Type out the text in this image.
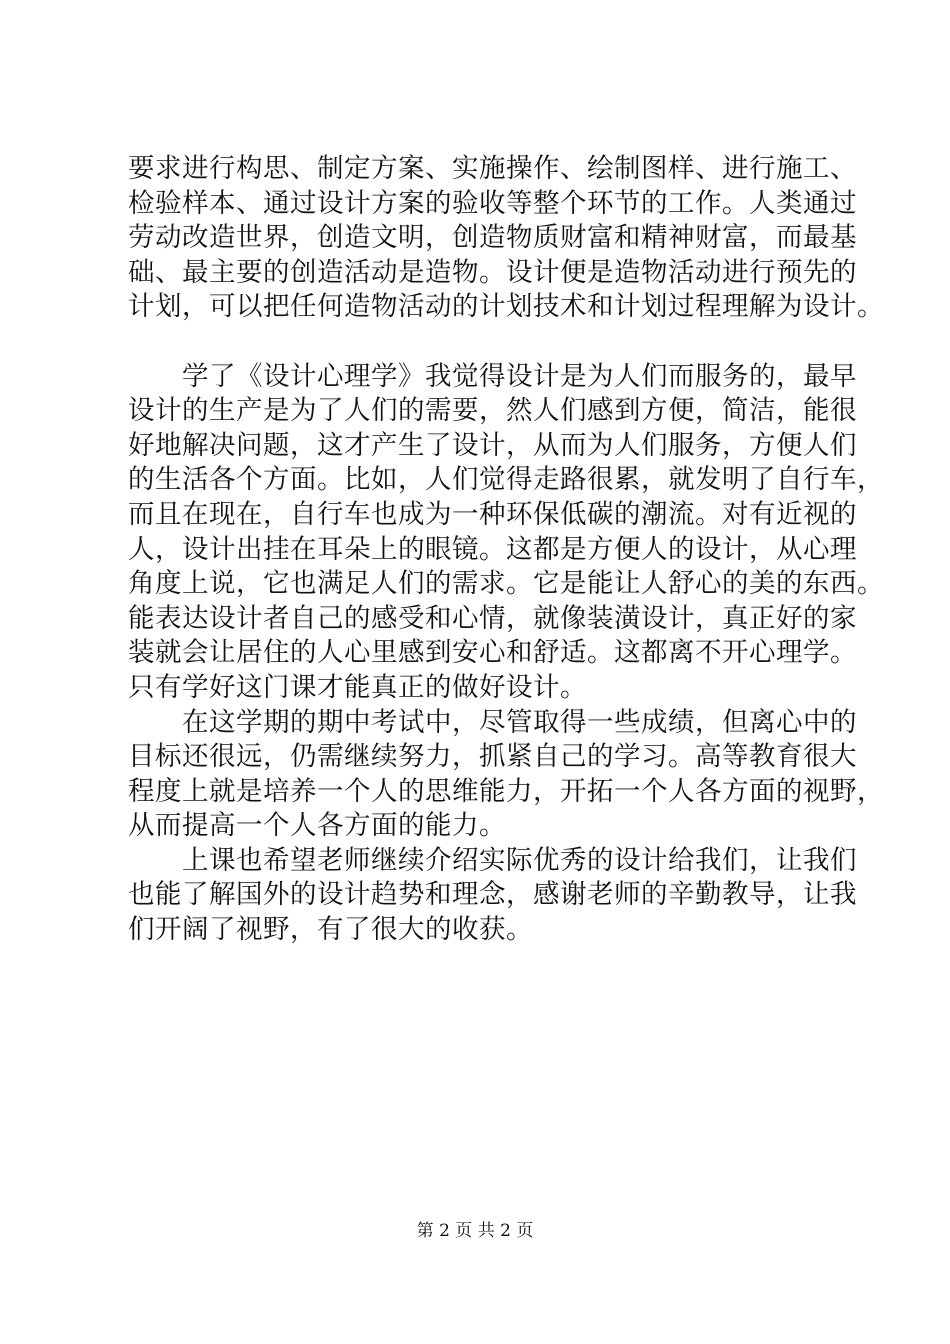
要求进行构思、制定方案、实施操作、绘制图样、进行施工、
检验样本、通过设计方案的验收等整个环节的工作。人类通过
劳动改造世界，创造文明，创造物质财富和精神财富，而最基
础、最主要的创造活动是造物。设计便是造物活动进行预先的
计划，可以把任何造物活动的计划技术和计划过程理解为设计。
　　学了《设计心理学》我觉得设计是为人们而服务的，最早
设计的生产是为了人们的需要，然人们感到方便，简洁，能很
好地解决问题，这才产生了设计，从而为人们服务，方便人们
的生活各个方面。比如，人们觉得走路很累，就发明了自行车，
而且在现在，自行车也成为一种环保低碳的潮流。对有近视的
人，设计出挂在耳朵上的眼镜。这都是方便人的设计，从心理
角度上说，它也满足人们的需求。它是能让人舒心的美的东西。
能表达设计者自己的感受和心情，就像装潢设计，真正好的家
装就会让居住的人心里感到安心和舒适。这都离不开心理学。
只有学好这门课才能真正的做好设计。
　　在这学期的期中考试中，尽管取得一些成绩，但离心中的
目标还很远，仍需继续努力，抓紧自己的学习。高等教育很大
程度上就是培养一个人的思维能力，开拓一个人各方面的视野，
从而提高一个人各方面的能力。
　　上课也希望老师继续介绍实际优秀的设计给我们，让我们
也能了解国外的设计趋势和理念，感谢老师的辛勤教导，让我
们开阔了视野，有了很大的收获。
第 2 页 共 2 页
